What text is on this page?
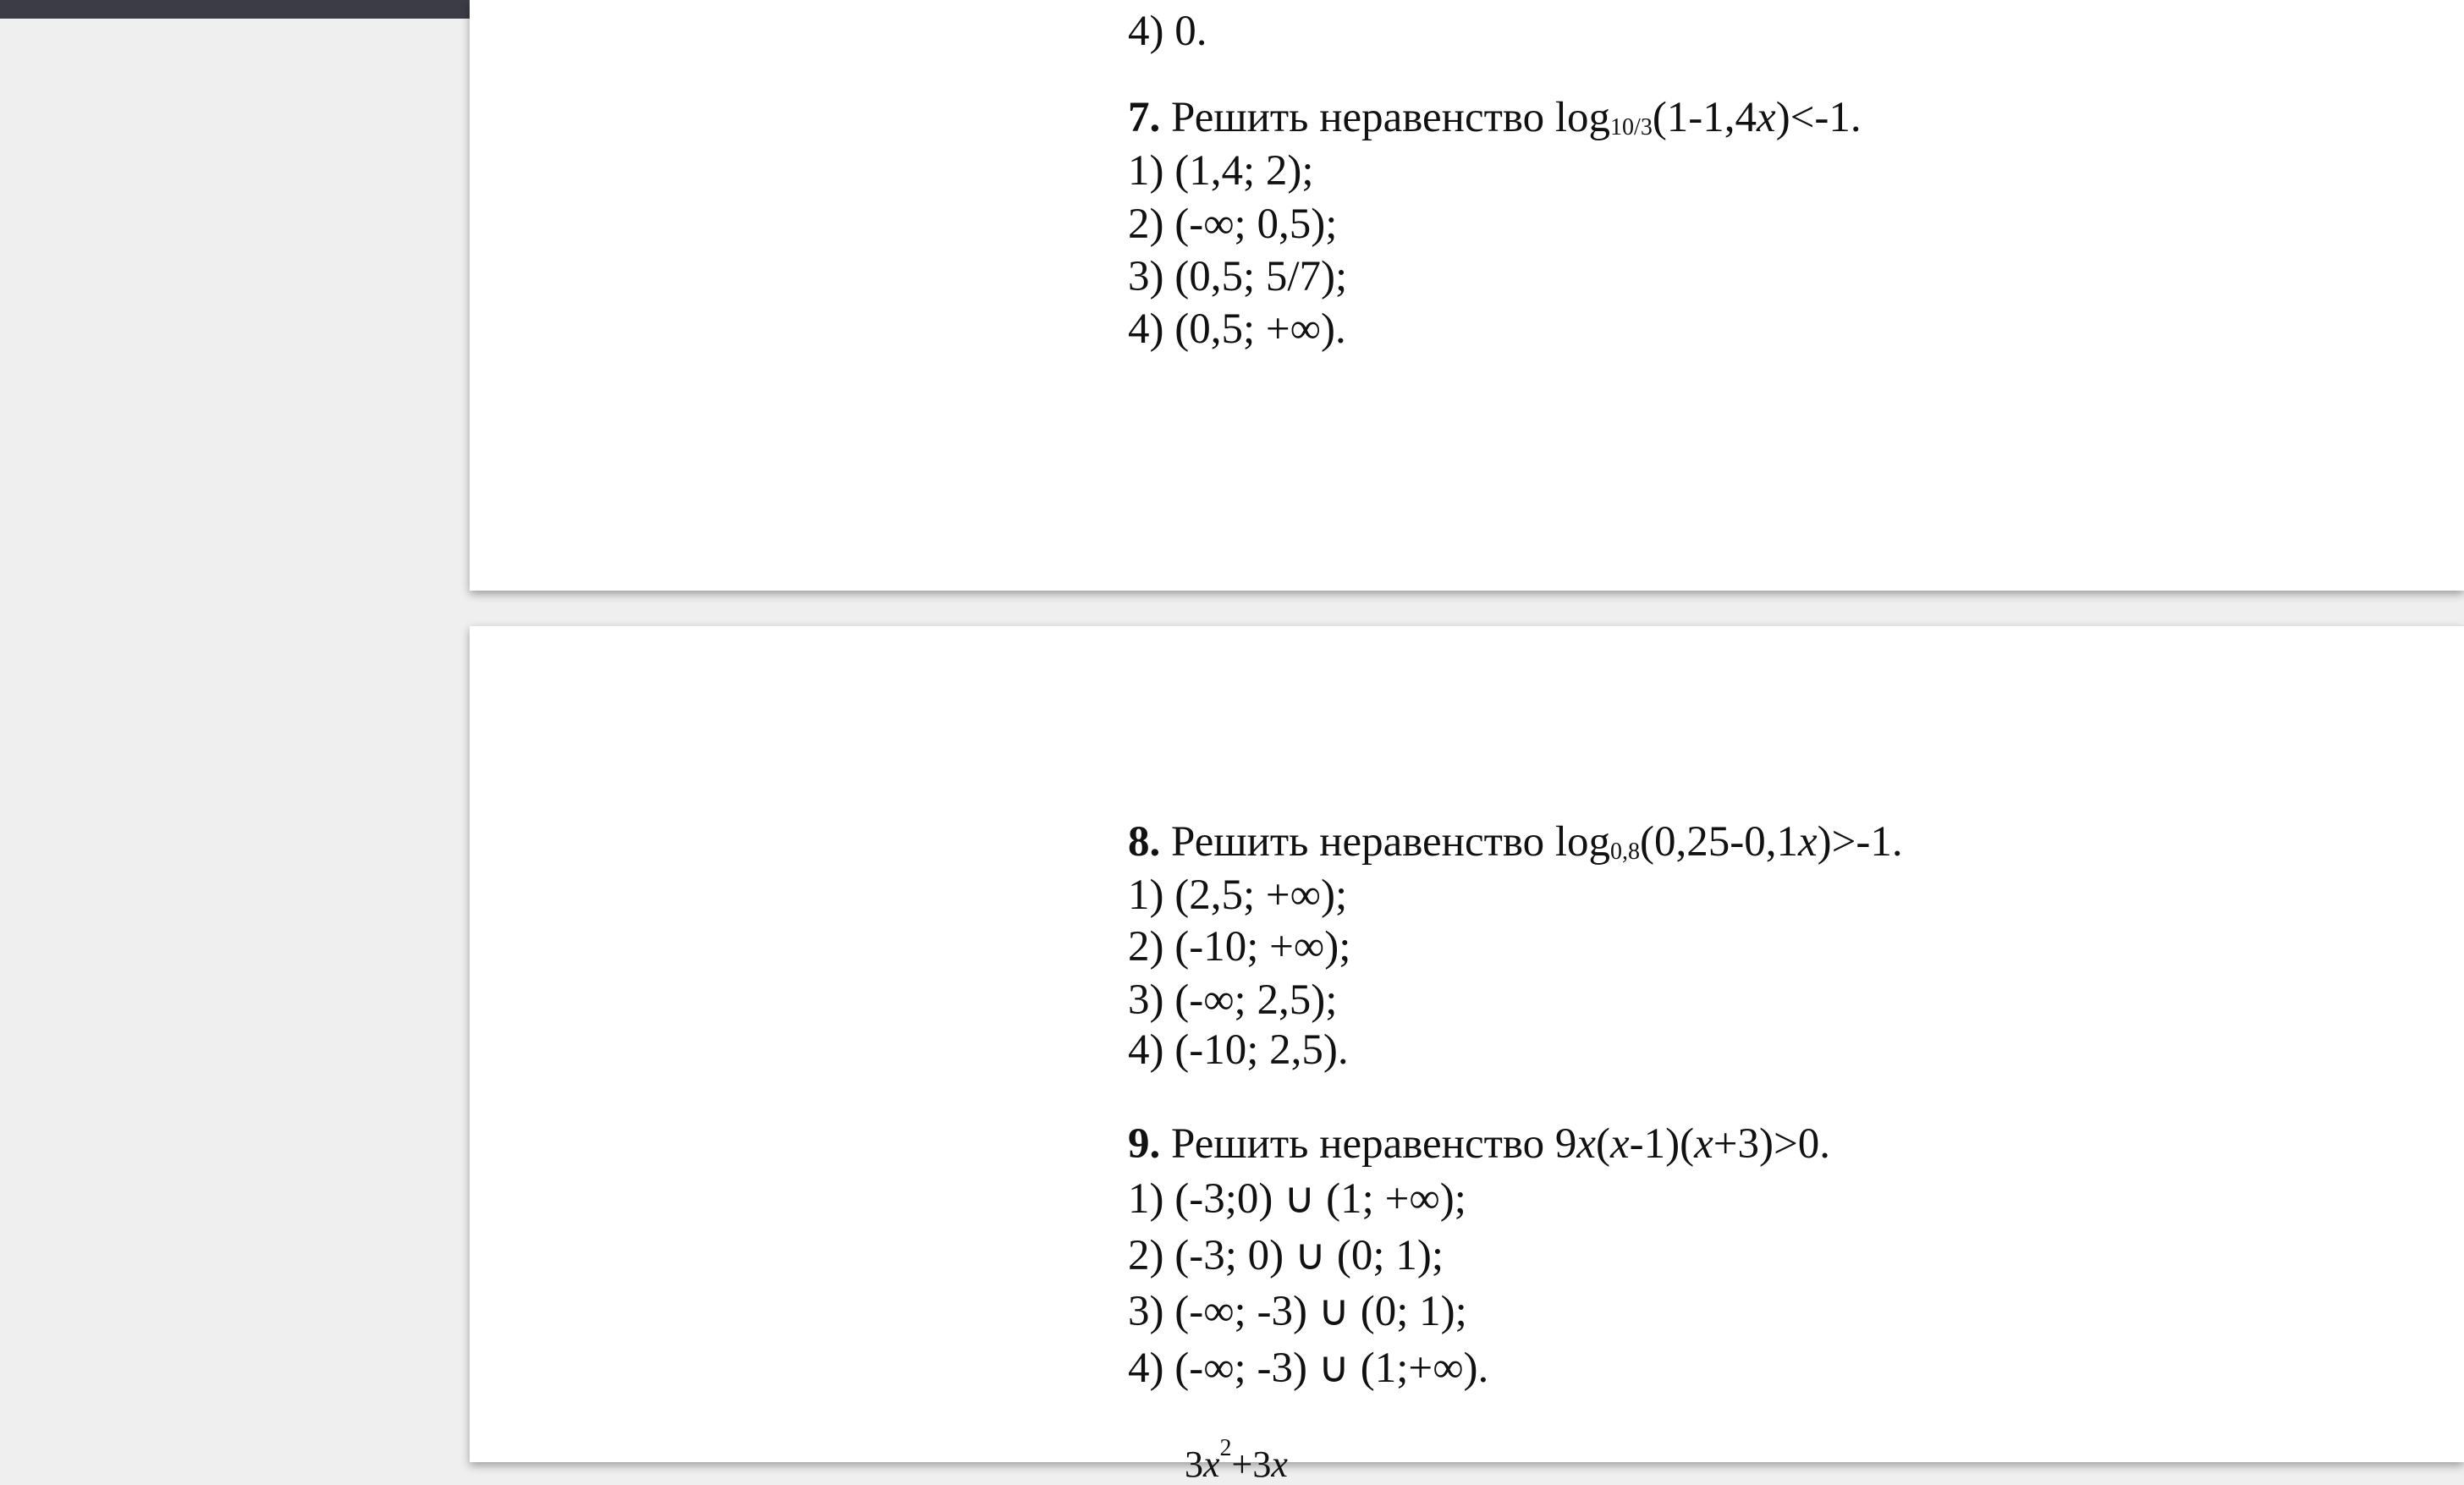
4) 0.
7. Решить неравенство log10/3(1-1,4x)<-1.
1) (1,4; 2);
2) (-∞; 0,5);
3) (0,5; 5/7);
4) (0,5; +∞).
8. Решить неравенство log0,8(0,25-0,1x)>-1.
1) (2,5; +∞);
2) (-10; +∞);
3) (-∞; 2,5);
4) (-10; 2,5).
9. Решить неравенство 9x(x-1)(x+3)>0.
1) (-3;0) ∪ (1; +∞);
2) (-3; 0) ∪ (0; 1);
3) (-∞; -3) ∪ (0; 1);
4) (-∞; -3) ∪ (1;+∞).
$3x^2+3x$
